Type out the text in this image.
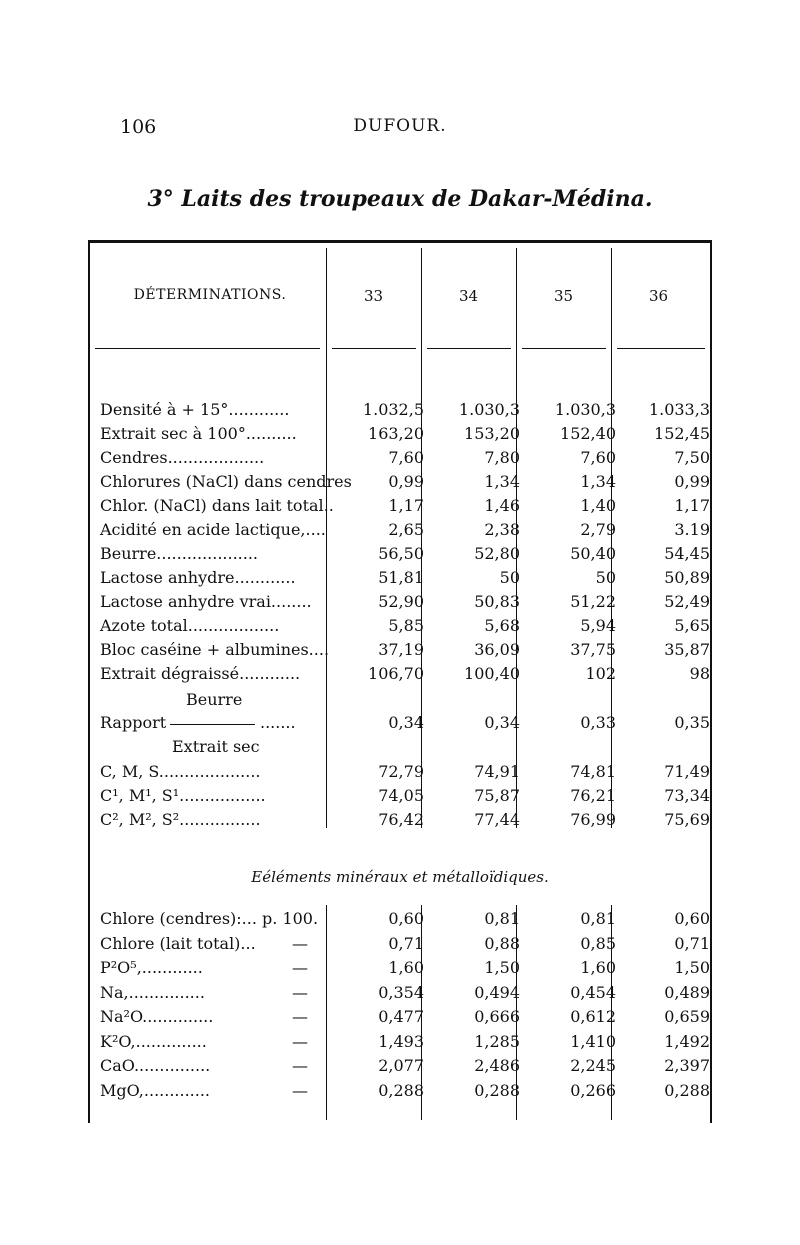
106	DUFOUR.
3° Laits des troupeaux de Dakar-Médina.
DÉTERMINATIONS.	33	34	35	36
Densité à + 15°............	1.032,5	1.030,3	1.030,3	1.033,3
Extrait sec à 100°..........	163,20	153,20	152,40	152,45
Cendres...................	7,60	7,80	7,60	7,50
Chlorures (NaCl) dans cendres	0,99	1,34	1,34	0,99
Chlor. (NaCl) dans lait total..	1,17	1,46	1,40	1,17
Acidité en acide lactique,....	2,65	2,38	2,79	3.19
Beurre....................	56,50	52,80	50,40	54,45
Lactose anhydre............	51,81	50	50	50,89
Lactose anhydre vrai........	52,90	50,83	51,22	52,49
Azote total..................	5,85	5,68	5,94	5,65
Bloc caséine + albumines....	37,19	36,09	37,75	35,87
Extrait dégraissé............	106,70	100,40	102	98
Beurre
Rapport	.......	0,34	0,34	0,33	0,35
Extrait sec
C, M, S....................	72,79	74,91	74,81	71,49
C¹, M¹, S¹.................	74,05	75,87	76,21	73,34
C², M², S²................	76,42	77,44	76,99	75,69
Eéléments minéraux et métalloïdiques.
Chlore (cendres):... p. 100.	0,60	0,81	0,81	0,60
Chlore (lait total)... —	0,71	0,88	0,85	0,71
P²O⁵,............	—	1,60	1,50	1,60	1,50
Na,...............	—	0,354	0,494	0,454	0,489
Na²O..............	—	0,477	0,666	0,612	0,659
K²O,..............	—	1,493	1,285	1,410	1,492
CaO...............	—	2,077	2,486	2,245	2,397
MgO,.............	—	0,288	0,288	0,266	0,288
